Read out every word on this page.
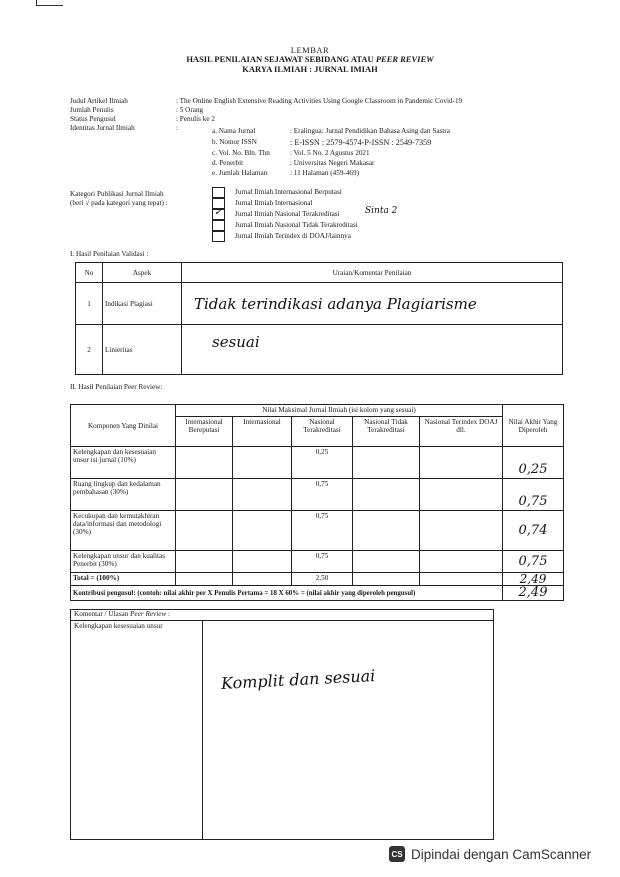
LEMBAR
HASIL PENILAIAN SEJAWAT SEBIDANG ATAU PEER REVIEW
KARYA ILMIAH : JURNAL IMIAH
Judul Artikel Ilmiah	: The Online English Extensive Reading Activities Using Google Classroom in Pandemic Covid-19
Jumlah Penulis	: 5 Orang
Status Pengusul	: Penulis ke 2
Identitas Jurnal Ilmiah	:	a. Nama Jurnal	: Eralingua: Jurnal Pendidikan Bahasa Asing dan Sastra
b. Nomor ISSN	: E-ISSN : 2579-4574-P-ISSN : 2549-7359
c. Vol. No. Bln. Thn	: Vol. 5 No. 2 Agustus 2021
d. Penerbit	: Universitas Negeri Makasar
e. Jumlah Halaman	: 11 Halaman (459-469)
Kategori Publikasi Jurnal Ilmiah
(beri √ pada kategori yang tepat) :
Jurnal Ilmiah Internasional Berputasi
Jurnal Ilmiah Internasional
✓ Jurnal Ilmiah Nasional Terakreditasi	Sinta 2
Jurnal Ilmiah Nasional Tidak Terakreditasi
Jurnal Ilmiah Terindex di DOAJ/lainnya
I. Hasil Penilaian Validasi :
No	Aspek	Uraian/Komentar Penilaian
1	Indikasi Plagiasi	Tidak terindikasi adanya Plagiarisme
2	Linieritas	sesuai
II. Hasil Penilaian Peer Review:
Komponen Yang Dinilai	Nilai Maksimal Jurnal Ilmiah (isi kolom yang sesuai)					Nilai Akhir Yang Diperoleh
	Internasional Bereputasi	Internasional	Nasional Terakreditasi	Nasional Tidak Terakreditasi	Nasional Terindex DOAJ dll.	
Kelengkapan dan kesesuaian unsur isi jurnal (10%)			0,25			0,25
Ruang lingkup dan kedalaman pembahasan (30%)			0,75			0,75
Kecukupan dan kemutakhiran data/informasi dan metodologi (30%)			0,75			0,74
Kelengkapan unsur dan kualitas Penerbit (30%)			0,75			0,75
Total = (100%)			2,50			2,49
Kontribusi pengusul: (contoh: nilai akhir per X Penulis Pertama = 18 X 60% = (nilai akhir yang diperoleh pengusul)						2,49
Komentar / Ulasan Peer Review :
Kelengkapan kesesuaian unsur
Komplit dan sesuai
CS Dipindai dengan CamScanner
